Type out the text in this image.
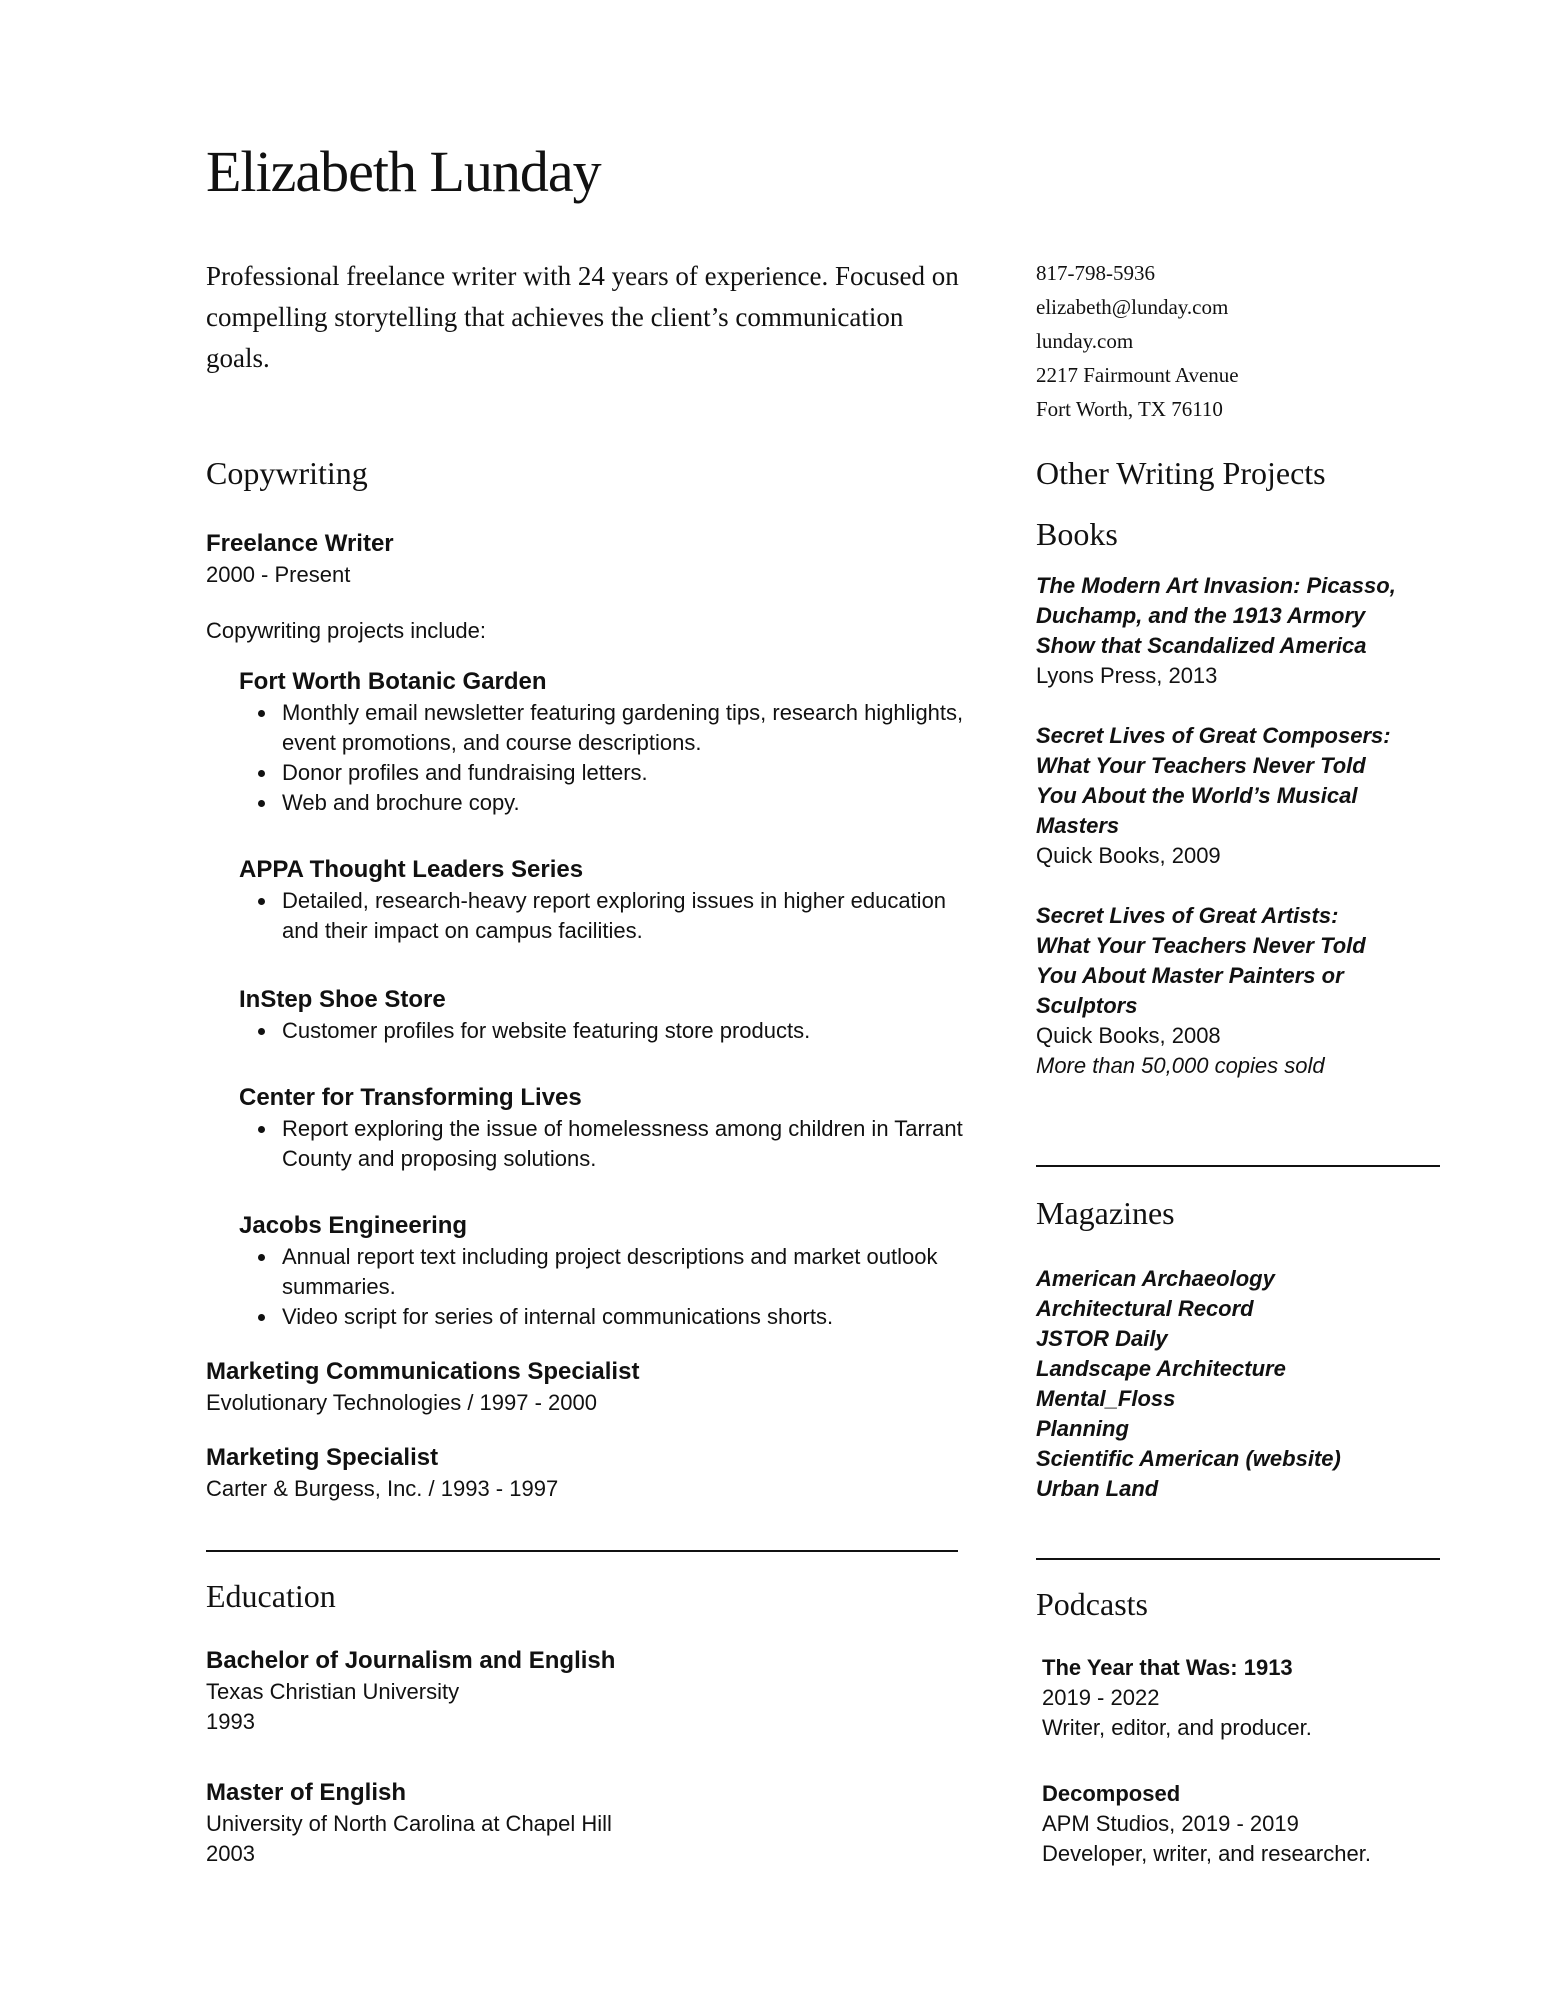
Elizabeth Lunday

Professional freelance writer with 24 years of experience. Focused on compelling storytelling that achieves the client’s communication goals.

817-798-5936
elizabeth@lunday.com
lunday.com
2217 Fairmount Avenue
Fort Worth, TX 76110
Copywriting

Freelance Writer

2000 - Present

Copywriting projects include:

Fort Worth Botanic Garden

• Monthly email newsletter featuring gardening tips, research highlights, event promotions, and course descriptions.
• Donor profiles and fundraising letters.
• Web and brochure copy.

APPA Thought Leaders Series

• Detailed, research-heavy report exploring issues in higher education and their impact on campus facilities.

InStep Shoe Store

• Customer profiles for website featuring store products.

Center for Transforming Lives

• Report exploring the issue of homelessness among children in Tarrant County and proposing solutions.

Jacobs Engineering

• Annual report text including project descriptions and market outlook summaries.
• Video script for series of internal communications shorts.

Marketing Communications Specialist

Evolutionary Technologies / 1997 - 2000

Marketing Specialist

Carter & Burgess, Inc. / 1993 - 1997

Education

Bachelor of Journalism and English

Texas Christian University

1993

Master of English

University of North Carolina at Chapel Hill

2003

Other Writing Projects
Books

The Modern Art Invasion: Picasso,
Duchamp, and the 1913 Armory
Show that Scandalized America

Lyons Press, 2013

Secret Lives of Great Composers:
What Your Teachers Never Told
You About the World’s Musical
Masters

Quick Books, 2009

Secret Lives of Great Artists:
What Your Teachers Never Told
You About Master Painters or
Sculptors

Quick Books, 2008

More than 50,000 copies sold

Magazines

American Archaeology

Architectural Record

JSTOR Daily

Landscape Architecture

Mental_Floss

Planning

Scientific American (website)

Urban Land

Podcasts

The Year that Was: 1913

2019 - 2022

Writer, editor, and producer.

Decomposed

APM Studios, 2019 - 2019

Developer, writer, and researcher.
